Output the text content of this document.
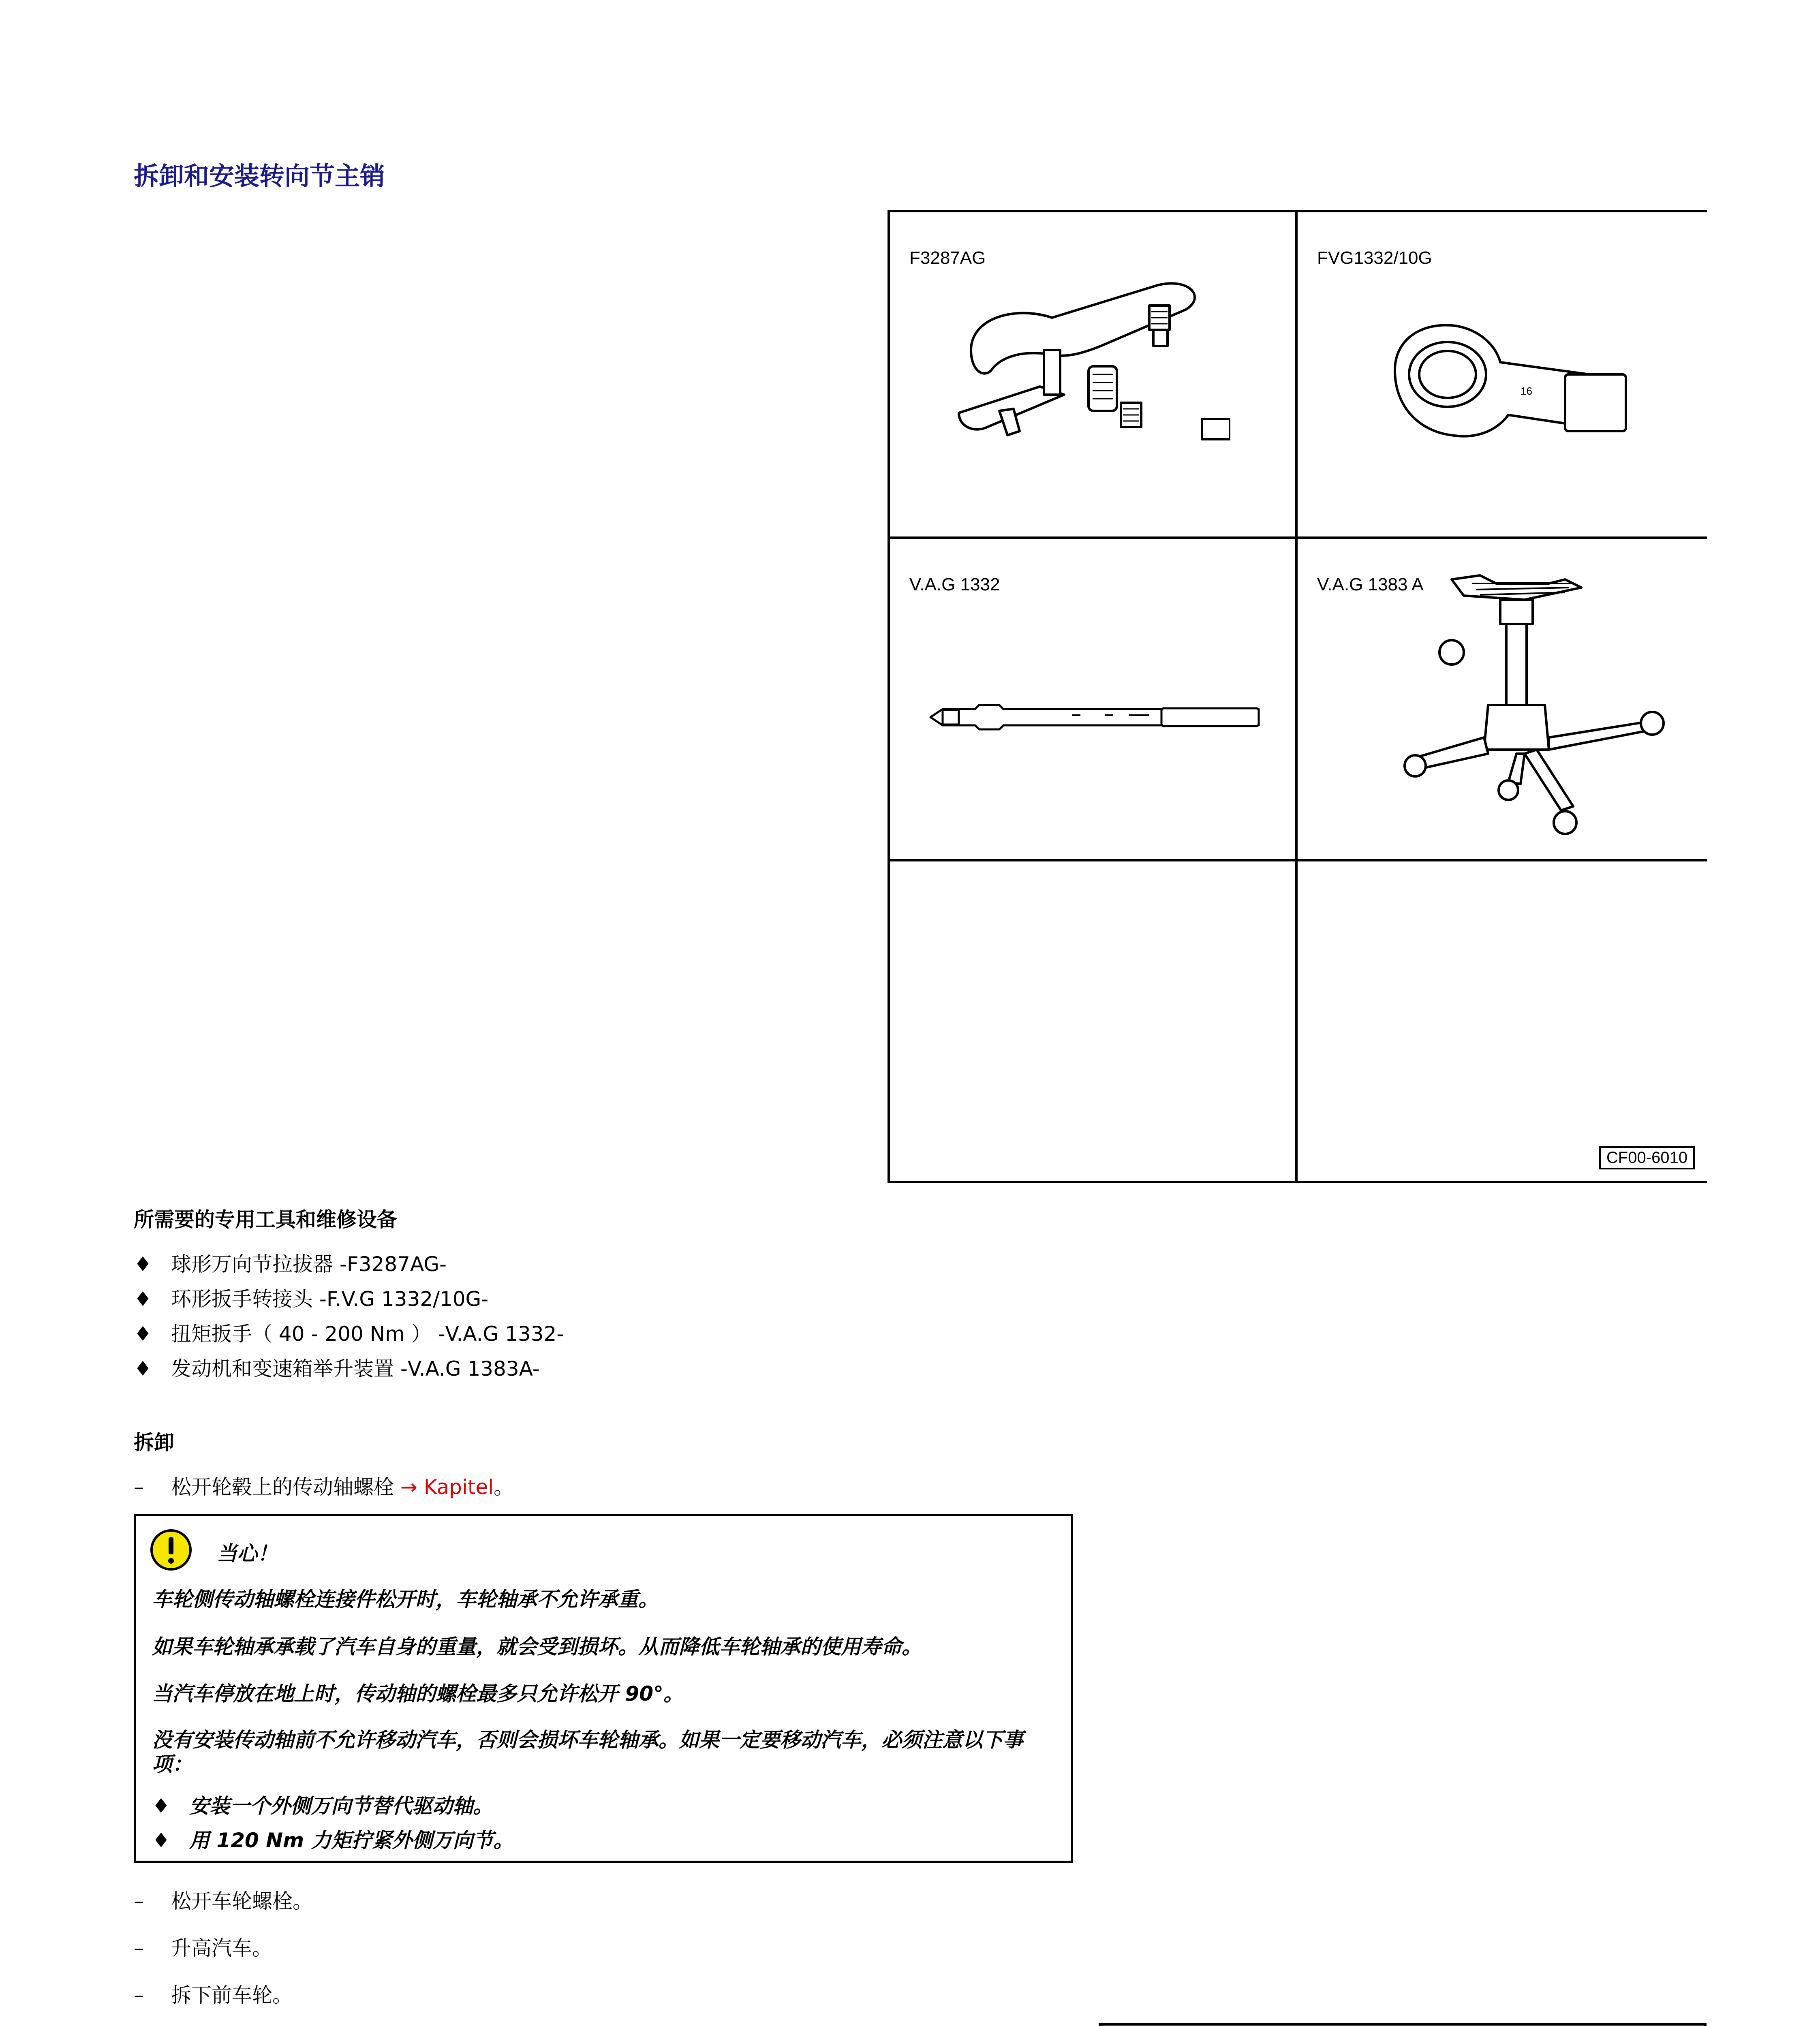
拆卸和安装转向节主销
F3287AG	FVG1332/10G
16
V.A.G 1332	V.A.G 1383 A
CF00-6010
所需要的专用工具和维修设备
♦ 球形万向节拉拔器 -F3287AG-
♦ 环形扳手转接头 -F.V.G 1332/10G-
♦ 扭矩扳手（ 40 - 200 Nm ） -V.A.G 1332-
♦ 发动机和变速箱举升装置 -V.A.G 1383A-
拆卸
– 松开轮毂上的传动轴螺栓 → Kapitel。
当心！

车轮侧传动轴螺栓连接件松开时，车轮轴承不允许承重。

如果车轮轴承承载了汽车自身的重量，就会受到损坏。从而降低车轮轴承的使用寿命。

当汽车停放在地上时，传动轴的螺栓最多只允许松开 90°。

没有安装传动轴前不允许移动汽车，否则会损坏车轮轴承。如果一定要移动汽车，必须注意以下事项：

♦ 安装一个外侧万向节替代驱动轴。

♦ 用 120 Nm 力矩拧紧外侧万向节。

– 松开车轮螺栓。
– 升高汽车。
– 拆下前车轮。
